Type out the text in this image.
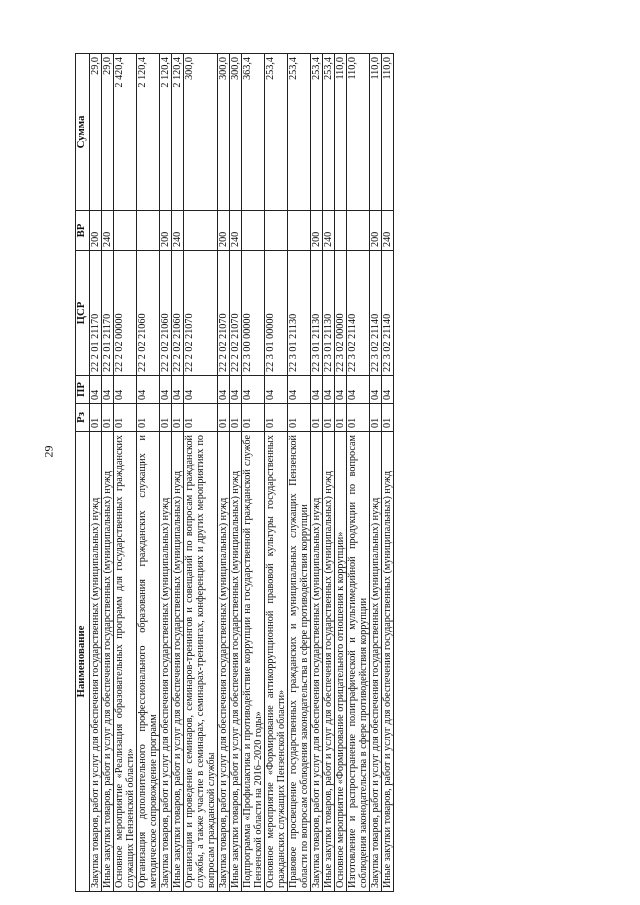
29
Наименование	Рз	ПР	ЦСР	ВР	Сумма
Закупка товаров, работ и услуг для обеспечения государственных (муниципальных) нужд	01	04	22 2 01 21170	200	29,0
Иные закупки товаров, работ и услуг для обеспечения государственных (муниципальных) нужд	01	04	22 2 01 21170	240	29,0
Основное мероприятие «Реализация образовательных программ для государственных гражданских служащих Пензенской области»	01	04	22 2 02 00000		2 420,4
Организация дополнительного профессионального образования гражданских служащих и методическое сопровождение программ	01	04	22 2 02 21060		2 120,4
Закупка товаров, работ и услуг для обеспечения государственных (муниципальных) нужд	01	04	22 2 02 21060	200	2 120,4
Иные закупки товаров, работ и услуг для обеспечения государственных (муниципальных) нужд	01	04	22 2 02 21060	240	2 120,4
Организация и проведение семинаров, семинаров-тренингов и совещаний по вопросам гражданской службы, а также участие в семинарах, семинарах-тренингах, конференциях и других мероприятиях по вопросам гражданской службы	01	04	22 2 02 21070		300,0
Закупка товаров, работ и услуг для обеспечения государственных (муниципальных) нужд	01	04	22 2 02 21070	200	300,0
Иные закупки товаров, работ и услуг для обеспечения государственных (муниципальных) нужд	01	04	22 2 02 21070	240	300,0
Подпрограмма «Профилактика и противодействие коррупции на государственной гражданской службе Пензенской области на 2016–2020 годы»	01	04	22 3 00 00000		363,4
Основное мероприятие «Формирование антикоррупционной правовой культуры государственных гражданских служащих Пензенской области»	01	04	22 3 01 00000		253,4
Правовое просвещение государственных гражданских и муниципальных служащих Пензенской области по вопросам соблюдения законодательства в сфере противодействия коррупции	01	04	22 3 01 21130		253,4
Закупка товаров, работ и услуг для обеспечения государственных (муниципальных) нужд	01	04	22 3 01 21130	200	253,4
Иные закупки товаров, работ и услуг для обеспечения государственных (муниципальных) нужд	01	04	22 3 01 21130	240	253,4
Основное мероприятие «Формирование отрицательного отношения к коррупции»	01	04	22 3 02 00000		110,0
Изготовление и распространение полиграфической и мультимедийной продукции по вопросам соблюдения законодательства в сфере противодействия коррупции	01	04	22 3 02 21140		110,0
Закупка товаров, работ и услуг для обеспечения государственных (муниципальных) нужд	01	04	22 3 02 21140	200	110,0
Иные закупки товаров, работ и услуг для обеспечения государственных (муниципальных) нужд	01	04	22 3 02 21140	240	110,0
